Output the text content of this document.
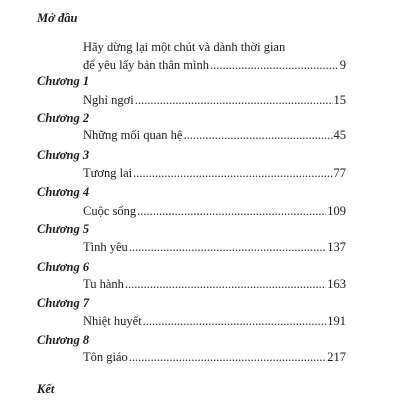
Mở đầu
Hãy dừng lại một chút và dành thời gian
để yêu lấy bản thân mình .....	9
Chương 1
Nghỉ ngơi .....	15
Chương 2
Những mối quan hệ .....	45
Chương 3
Tương lai .....	77
Chương 4
Cuộc sống .....	109
Chương 5
Tình yêu .....	137
Chương 6
Tu hành .....	163
Chương 7
Nhiệt huyết .....	191
Chương 8
Tôn giáo .....	217
Kết
